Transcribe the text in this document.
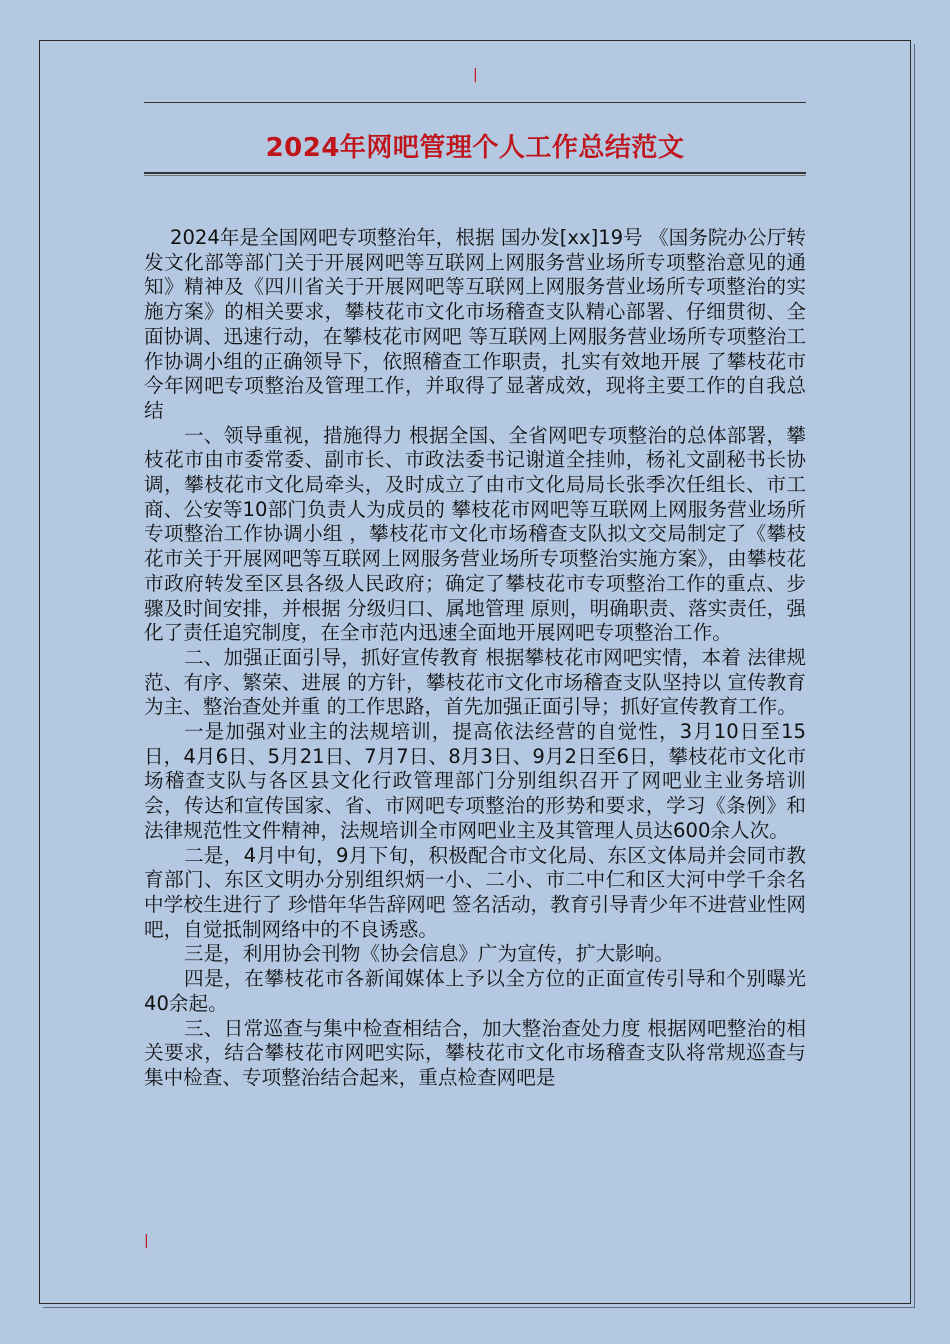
|
2024年网吧管理个人工作总结范文

2024年是全国网吧专项整治年，根据 国办发[xx]19号 《国务院办公厅转发文化部等部门关于开展网吧等互联网上网服务营业场所专项整治意见的通知》精神及《四川省关于开展网吧等互联网上网服务营业场所专项整治的实施方案》的相关要求，攀枝花市文化市场稽查支队精心部署、仔细贯彻、全面协调、迅速行动，在攀枝花市网吧 等互联网上网服务营业场所专项整治工作协调小组的正确领导下，依照稽查工作职责，扎实有效地开展 了攀枝花市今年网吧专项整治及管理工作，并取得了显著成效，现将主要工作的自我总结

一、领导重视，措施得力 根据全国、全省网吧专项整治的总体部署，攀枝花市由市委常委、副市长、市政法委书记谢道全挂帅，杨礼文副秘书长协调，攀枝花市文化局牵头，及时成立了由市文化局局长张季次任组长、市工商、公安等10部门负责人为成员的 攀枝花市网吧等互联网上网服务营业场所专项整治工作协调小组 ，攀枝花市文化市场稽查支队拟文交局制定了《攀枝花市关于开展网吧等互联网上网服务营业场所专项整治实施方案》，由攀枝花市政府转发至区县各级人民政府；确定了攀枝花市专项整治工作的重点、步骤及时间安排，并根据 分级归口、属地管理 原则，明确职责、落实责任，强化了责任追究制度，在全市范内迅速全面地开展网吧专项整治工作。

二、加强正面引导，抓好宣传教育 根据攀枝花市网吧实情，本着 法律规范、有序、繁荣、进展 的方针，攀枝花市文化市场稽查支队坚持以 宣传教育为主、整治查处并重 的工作思路，首先加强正面引导；抓好宣传教育工作。

一是加强对业主的法规培训，提高依法经营的自觉性，3月10日至15日，4月6日、5月21日、7月7日、8月3日、9月2日至6日，攀枝花市文化市场稽查支队与各区县文化行政管理部门分别组织召开了网吧业主业务培训会，传达和宣传国家、省、市网吧专项整治的形势和要求，学习《条例》和法律规范性文件精神，法规培训全市网吧业主及其管理人员达600余人次。

二是，4月中旬，9月下旬，积极配合市文化局、东区文体局并会同市教育部门、东区文明办分别组织炳一小、二小、市二中仁和区大河中学千余名中学校生进行了 珍惜年华告辞网吧 签名活动，教育引导青少年不进营业性网吧，自觉抵制网络中的不良诱惑。

三是，利用协会刊物《协会信息》广为宣传，扩大影响。

四是，在攀枝花市各新闻媒体上予以全方位的正面宣传引导和个别曝光40余起。

三、日常巡查与集中检查相结合，加大整治查处力度 根据网吧整治的相关要求，结合攀枝花市网吧实际，攀枝花市文化市场稽查支队将常规巡查与集中检查、专项整治结合起来，重点检查网吧是

|
